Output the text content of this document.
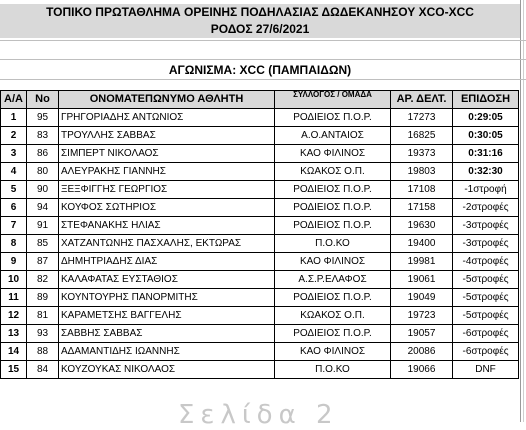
ΤΟΠΙΚΟ ΠΡΩΤΑΘΛΗΜΑ ΟΡΕΙΝΗΣ ΠΟΔΗΛΑΣΙΑΣ ΔΩΔΕΚΑΝΗΣΟΥ XCO-XCC
ΡΟΔΟΣ 27/6/2021
ΑΓΩΝΙΣΜΑ: XCC (ΠΑΜΠΑΙΔΩΝ)
Α/Α	No	ΟΝΟΜΑΤΕΠΩΝΥΜΟ ΑΘΛΗΤΗ	ΣΥΛΛΟΓΟΣ / ΟΜΑΔΑ	ΑΡ. ΔΕΛΤ.	ΕΠΙΔΟΣΗ
1	95	ΓΡΗΓΟΡΙΑΔΗΣ ΑΝΤΩΝΙΟΣ	ΡΟΔΙΕΙΟΣ Π.Ο.Ρ.	17273	0:29:05
2	83	ΤΡΟΥΛΛΗΣ ΣΑΒΒΑΣ	Α.Ο.ΑΝΤΑΙΟΣ	16825	0:30:05
3	86	ΣΙΜΠΕΡΤ ΝΙΚΟΛΑΟΣ	ΚΑΟ ΦΙΛΙΝΟΣ	19373	0:31:16
4	80	ΑΛΕΥΡΑΚΗΣ ΓΙΑΝΝΗΣ	ΚΩΑΚΟΣ Ο.Π.	19803	0:32:30
5	90	ΞΕΞΦΙΓΓΗΣ ΓΕΩΡΓΙΟΣ	ΡΟΔΙΕΙΟΣ Π.Ο.Ρ.	17108	-1στροφή
6	94	ΚΟΥΦΟΣ ΣΩΤΗΡΙΟΣ	ΡΟΔΙΕΙΟΣ Π.Ο.Ρ.	17158	-2στροφές
7	91	ΣΤΕΦΑΝΑΚΗΣ ΗΛΙΑΣ	ΡΟΔΙΕΙΟΣ Π.Ο.Ρ.	19630	-3στροφές
8	85	ΧΑΤΖΑΝΤΩΝΗΣ ΠΑΣΧΑΛΗΣ, ΕΚΤΩΡΑΣ	Π.Ο.ΚΟ	19400	-3στροφές
9	87	ΔΗΜΗΤΡΙΑΔΗΣ ΔΙΑΣ	ΚΑΟ ΦΙΛΙΝΟΣ	19981	-4στροφές
10	82	ΚΑΛΑΦΑΤΑΣ ΕΥΣΤΑΘΙΟΣ	Α.Σ.Ρ.ΕΛΑΦΟΣ	19061	-5στροφές
11	89	ΚΟΥΝΤΟΥΡΗΣ ΠΑΝΟΡΜΙΤΗΣ	ΡΟΔΙΕΙΟΣ Π.Ο.Ρ.	19049	-5στροφές
12	81	ΚΑΡΑΜΕΤΣΗΣ ΒΑΓΓΕΛΗΣ	ΚΩΑΚΟΣ Ο.Π.	19723	-5στροφές
13	93	ΣΑΒΒΗΣ ΣΑΒΒΑΣ	ΡΟΔΙΕΙΟΣ Π.Ο.Ρ.	19057	-6στροφές
14	88	ΑΔΑΜΑΝΤΙΔΗΣ ΙΩΑΝΝΗΣ	ΚΑΟ ΦΙΛΙΝΟΣ	20086	-6στροφές
15	84	ΚΟΥΖΟΥΚΑΣ ΝΙΚΟΛΑΟΣ	Π.Ο.ΚΟ	19066	DNF
Σελίδα 2
